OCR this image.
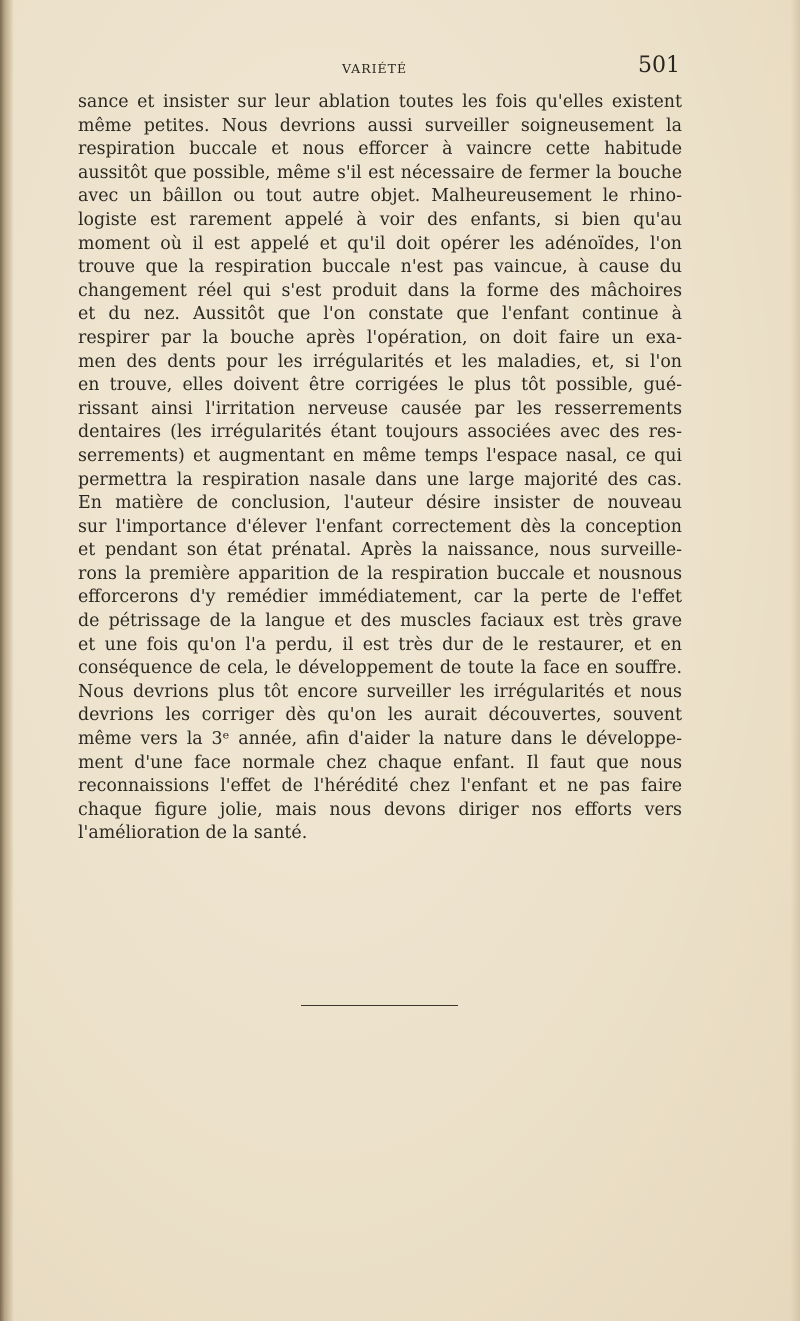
VARIÉTÉ	501
sance et insister sur leur ablation toutes les fois qu'elles existent
même petites. Nous devrions aussi surveiller soigneusement la
respiration buccale et nous efforcer à vaincre cette habitude
aussitôt que possible, même s'il est nécessaire de fermer la bouche
avec un bâillon ou tout autre objet. Malheureusement le rhino-
logiste est rarement appelé à voir des enfants, si bien qu'au
moment où il est appelé et qu'il doit opérer les adénoïdes, l'on
trouve que la respiration buccale n'est pas vaincue, à cause du
changement réel qui s'est produit dans la forme des mâchoires
et du nez. Aussitôt que l'on constate que l'enfant continue à
respirer par la bouche après l'opération, on doit faire un exa-
men des dents pour les irrégularités et les maladies, et, si l'on
en trouve, elles doivent être corrigées le plus tôt possible, gué-
rissant ainsi l'irritation nerveuse causée par les resserrements
dentaires (les irrégularités étant toujours associées avec des res-
serrements) et augmentant en même temps l'espace nasal, ce qui
permettra la respiration nasale dans une large majorité des cas.
En matière de conclusion, l'auteur désire insister de nouveau
sur l'importance d'élever l'enfant correctement dès la conception
et pendant son état prénatal. Après la naissance, nous surveille-
rons la première apparition de la respiration buccale et nousnous
efforcerons d'y remédier immédiatement, car la perte de l'effet
de pétrissage de la langue et des muscles faciaux est très grave
et une fois qu'on l'a perdu, il est très dur de le restaurer, et en
conséquence de cela, le développement de toute la face en souffre.
Nous devrions plus tôt encore surveiller les irrégularités et nous
devrions les corriger dès qu'on les aurait découvertes, souvent
même vers la 3ᵉ année, afin d'aider la nature dans le développe-
ment d'une face normale chez chaque enfant. Il faut que nous
reconnaissions l'effet de l'hérédité chez l'enfant et ne pas faire
chaque figure jolie, mais nous devons diriger nos efforts vers
l'amélioration de la santé.
